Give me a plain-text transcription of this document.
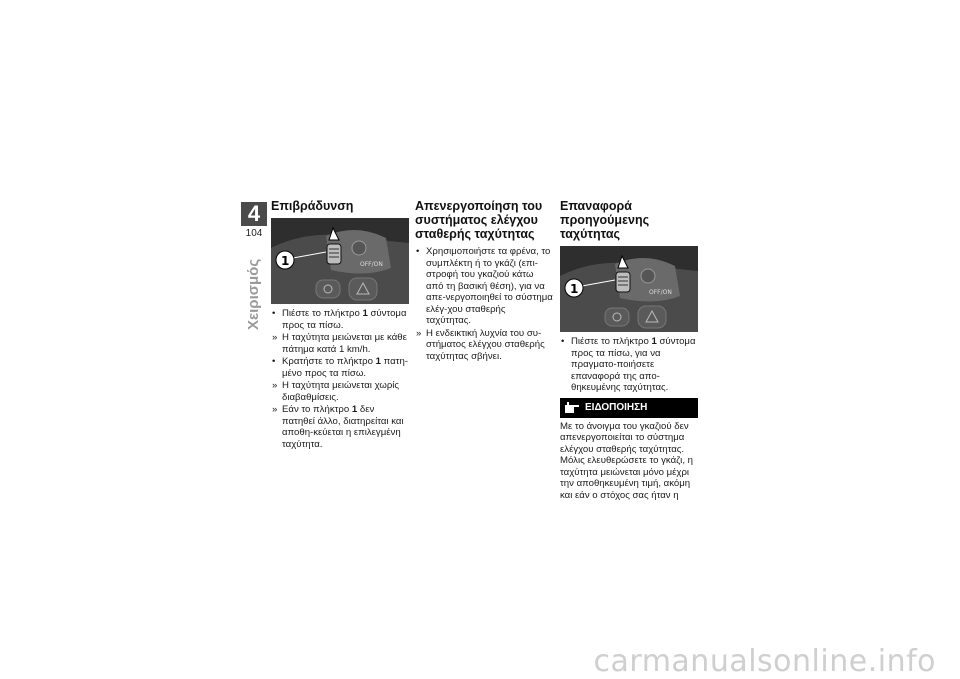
4
104
Χειρισμός
Επιβράδυνση
OFF/ON
1
• Πιέστε το πλήκτρο 1 σύντομα προς τα πίσω.
» Η ταχύτητα μειώνεται με κάθε πάτημα κατά 1 km/h.
• Κρατήστε το πλήκτρο 1 πατη-μένο προς τα πίσω.
» Η ταχύτητα μειώνεται χωρίς διαβαθμίσεις.
» Εάν το πλήκτρο 1 δεν πατηθεί άλλο, διατηρείται και αποθη-κεύεται η επιλεγμένη ταχύτητα.
Απενεργοποίηση του συστήματος ελέγχου σταθερής ταχύτητας
• Χρησιμοποιήστε τα φρένα, το συμπλέκτη ή το γκάζι (επι-στροφή του γκαζιού κάτω από τη βασική θέση), για να απε-νεργοποιηθεί το σύστημα ελέγ-χου σταθερής ταχύτητας.
» Η ενδεικτική λυχνία του συ-στήματος ελέγχου σταθερής ταχύτητας σβήνει.
Επαναφορά προηγούμενης ταχύτητας
OFF/ON
1
• Πιέστε το πλήκτρο 1 σύντομα προς τα πίσω, για να πραγματο-ποιήσετε επαναφορά της απο-θηκευμένης ταχύτητας.
ΕΙΔΟΠΟΙΗΣΗ
Με το άνοιγμα του γκαζιού δεν απενεργοποιείται το σύστημα ελέγχου σταθερής ταχύτητας. Μόλις ελευθερώσετε το γκάζι, η ταχύτητα μειώνεται μόνο μέχρι την αποθηκευμένη τιμή, ακόμη και εάν ο στόχος σας ήταν η
carmanualsonline.info
